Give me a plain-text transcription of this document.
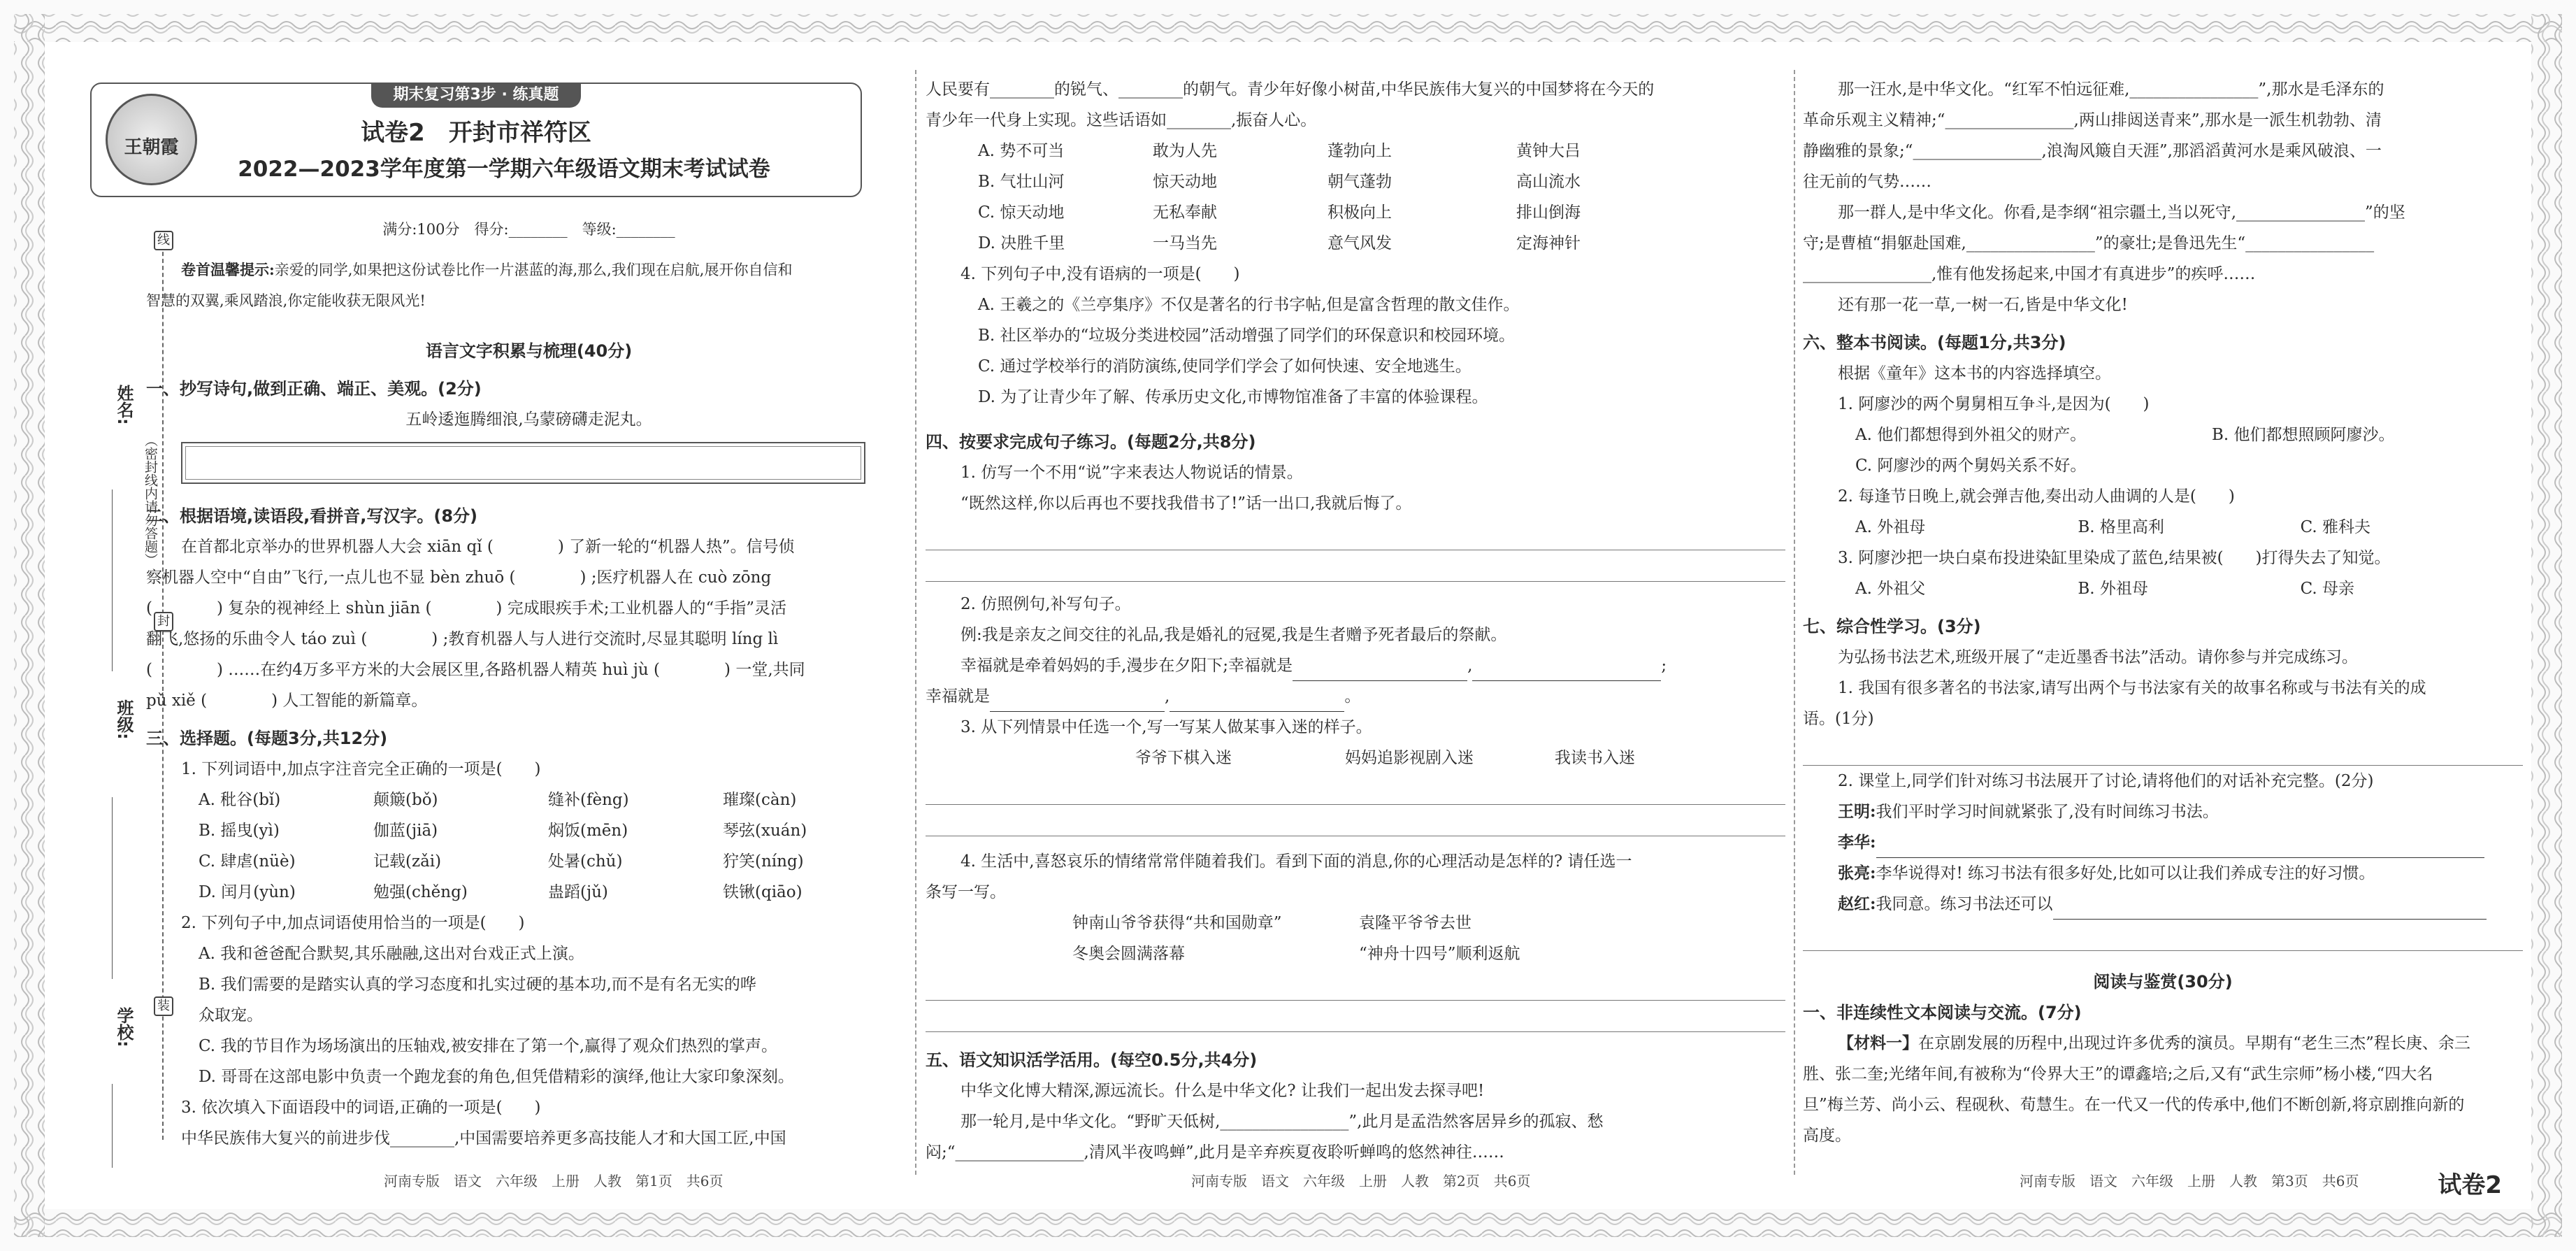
线
封
装
姓名:
班级:
学校:
（密封线内请勿答题）
期末复习第3步 · 练真题
王朝霞
试卷2　开封市祥符区
2022—2023学年度第一学期六年级语文期末考试试卷

满分:100分　得分:________　等级:________

卷首温馨提示:亲爱的同学,如果把这份试卷比作一片湛蓝的海,那么,我们现在启航,展开你自信和

智慧的双翼,乘风踏浪,你定能收获无限风光!

语言文字积累与梳理(40分)

一、抄写诗句,做到正确、端正、美观。(2分)

五岭逶迤腾细浪,乌蒙磅礴走泥丸。

二、根据语境,读语段,看拼音,写汉字。(8分)

在首都北京举办的世界机器人大会 xiān qǐ (　　　　) 了新一轮的“机器人热”。信号侦

察机器人空中“自由”飞行,一点儿也不显 bèn zhuō (　　　　) ;医疗机器人在 cuò zōng

(　　　　) 复杂的视神经上 shùn jiān (　　　　) 完成眼疾手术;工业机器人的“手指”灵活

翻飞,悠扬的乐曲令人 táo zuì (　　　　) ;教育机器人与人进行交流时,尽显其聪明 líng lì

(　　　　) ……在约4万多平方米的大会展区里,各路机器人精英 huì jù (　　　　) 一堂,共同

pǔ xiě (　　　　) 人工智能的新篇章。

三、选择题。(每题3分,共12分)

1. 下列词语中,加点字注音完全正确的一项是(　　)

A. 秕谷(bǐ)	颠簸(bǒ)	缝补(fèng)	璀璨(càn)
B. 摇曳(yì)	伽蓝(jiā)	焖饭(mēn)	琴弦(xuán)
C. 肆虐(nüè)	记载(zǎi)	处暑(chǔ)	狞笑(níng)
D. 闰月(yùn)	勉强(chěng)	蛊蹈(jǔ)	铁锹(qiāo)

2. 下列句子中,加点词语使用恰当的一项是(　　)

A. 我和爸爸配合默契,其乐融融,这出对台戏正式上演。

B. 我们需要的是踏实认真的学习态度和扎实过硬的基本功,而不是有名无实的哗

众取宠。

C. 我的节目作为场场演出的压轴戏,被安排在了第一个,赢得了观众们热烈的掌声。

D. 哥哥在这部电影中负责一个跑龙套的角色,但凭借精彩的演绎,他让大家印象深刻。

3. 依次填入下面语段中的词语,正确的一项是(　　)

中华民族伟大复兴的前进步伐________,中国需要培养更多高技能人才和大国工匠,中国

河南专版　语文　六年级　上册　人教　第1页　共6页

人民要有________的锐气、________的朝气。青少年好像小树苗,中华民族伟大复兴的中国梦将在今天的

青少年一代身上实现。这些话语如________,振奋人心。

A. 势不可当	敢为人先	蓬勃向上	黄钟大吕
B. 气壮山河	惊天动地	朝气蓬勃	高山流水
C. 惊天动地	无私奉献	积极向上	排山倒海
D. 决胜千里	一马当先	意气风发	定海神针

4. 下列句子中,没有语病的一项是(　　)

A. 王羲之的《兰亭集序》不仅是著名的行书字帖,但是富含哲理的散文佳作。

B. 社区举办的“垃圾分类进校园”活动增强了同学们的环保意识和校园环境。

C. 通过学校举行的消防演练,使同学们学会了如何快速、安全地逃生。

D. 为了让青少年了解、传承历史文化,市博物馆准备了丰富的体验课程。

四、按要求完成句子练习。(每题2分,共8分)

1. 仿写一个不用“说”字来表达人物说话的情景。

“既然这样,你以后再也不要找我借书了!”话一出口,我就后悔了。

2. 仿照例句,补写句子。

例:我是亲友之间交往的礼品,我是婚礼的冠冕,我是生者赠予死者最后的祭献。

幸福就是牵着妈妈的手,漫步在夕阳下;幸福就是	,	;

幸福就是	,	。

3. 从下列情景中任选一个,写一写某人做某事入迷的样子。

爷爷下棋入迷	妈妈追影视剧入迷	我读书入迷

4. 生活中,喜怒哀乐的情绪常常伴随着我们。看到下面的消息,你的心理活动是怎样的? 请任选一

条写一写。

钟南山爷爷获得“共和国勋章”	袁隆平爷爷去世
冬奥会圆满落幕	“神舟十四号”顺利返航

五、语文知识活学活用。(每空0.5分,共4分)

中华文化博大精深,源远流长。什么是中华文化? 让我们一起出发去探寻吧!

那一轮月,是中华文化。“野旷天低树,________________”,此月是孟浩然客居异乡的孤寂、愁

闷;“________________,清风半夜鸣蝉”,此月是辛弃疾夏夜聆听蝉鸣的悠然神往……

河南专版　语文　六年级　上册　人教　第2页　共6页

那一汪水,是中华文化。“红军不怕远征难,________________”,那水是毛泽东的

革命乐观主义精神;“________________,两山排闼送青来”,那水是一派生机勃勃、清

静幽雅的景象;“________________,浪淘风簸自天涯”,那滔滔黄河水是乘风破浪、一

往无前的气势……

那一群人,是中华文化。你看,是李纲“祖宗疆土,当以死守,________________”的坚

守;是曹植“捐躯赴国难,________________”的豪壮;是鲁迅先生“________________

________________,惟有他发扬起来,中国才有真进步”的疾呼……

还有那一花一草,一树一石,皆是中华文化!

六、整本书阅读。(每题1分,共3分)

根据《童年》这本书的内容选择填空。

1. 阿廖沙的两个舅舅相互争斗,是因为(　　)

A. 他们都想得到外祖父的财产。	B. 他们都想照顾阿廖沙。

C. 阿廖沙的两个舅妈关系不好。

2. 每逢节日晚上,就会弹吉他,奏出动人曲调的人是(　　)

A. 外祖母	B. 格里高利	C. 雅科夫

3. 阿廖沙把一块白桌布投进染缸里染成了蓝色,结果被(　　)打得失去了知觉。

A. 外祖父	B. 外祖母	C. 母亲

七、综合性学习。(3分)

为弘扬书法艺术,班级开展了“走近墨香书法”活动。请你参与并完成练习。

1. 我国有很多著名的书法家,请写出两个与书法家有关的故事名称或与书法有关的成

语。(1分)

2. 课堂上,同学们针对练习书法展开了讨论,请将他们的对话补充完整。(2分)

王明:我们平时学习时间就紧张了,没有时间练习书法。

李华:

张亮:李华说得对! 练习书法有很多好处,比如可以让我们养成专注的好习惯。

赵红:我同意。练习书法还可以

阅读与鉴赏(30分)

一、非连续性文本阅读与交流。(7分)

【材料一】在京剧发展的历程中,出现过许多优秀的演员。早期有“老生三杰”程长庚、余三

胜、张二奎;光绪年间,有被称为“伶界大王”的谭鑫培;之后,又有“武生宗师”杨小楼,“四大名

旦”梅兰芳、尚小云、程砚秋、荀慧生。在一代又一代的传承中,他们不断创新,将京剧推向新的

高度。

河南专版　语文　六年级　上册　人教　第3页　共6页	试卷2
